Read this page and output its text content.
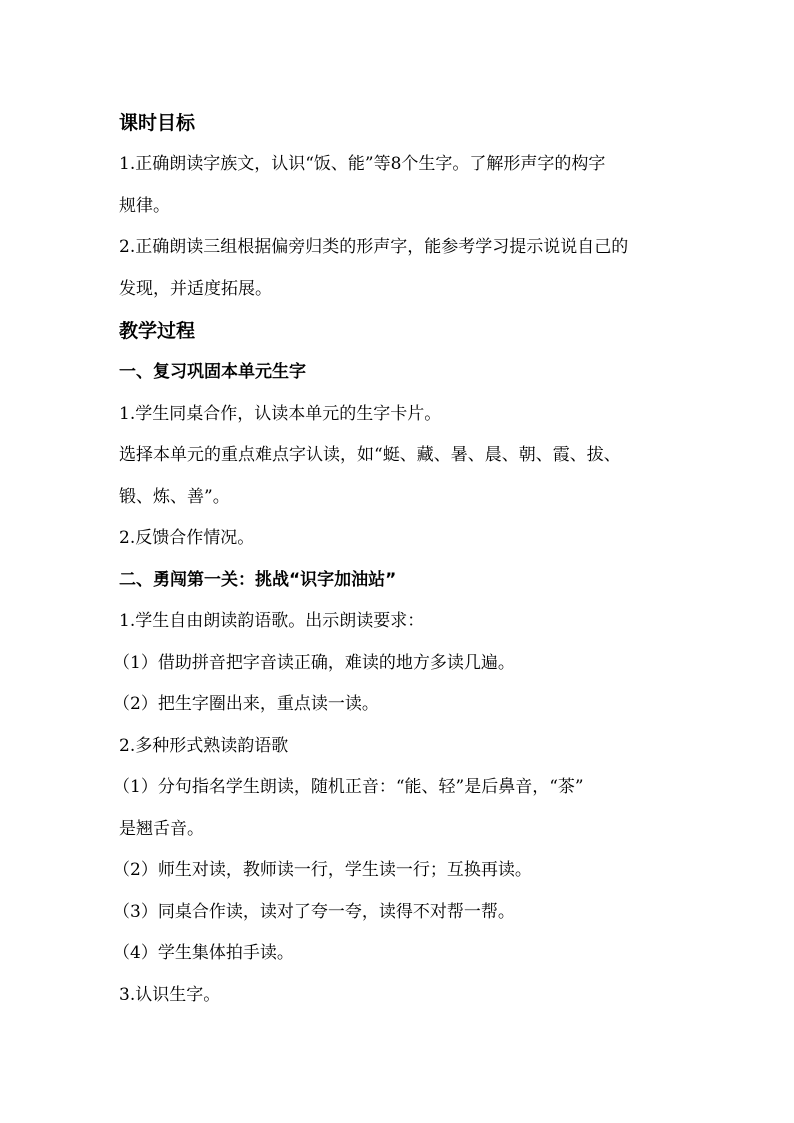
课时目标
1.正确朗读字族文，认识“饭、能”等8个生字。了解形声字的构字
规律。
2.正确朗读三组根据偏旁归类的形声字，能参考学习提示说说自己的
发现，并适度拓展。
教学过程
一、复习巩固本单元生字
1.学生同桌合作，认读本单元的生字卡片。
选择本单元的重点难点字认读，如“蜓、藏、暑、晨、朝、霞、拔、
锻、炼、善”。
2.反馈合作情况。
二、勇闯第一关：挑战“识字加油站”
1.学生自由朗读韵语歌。出示朗读要求：
（1）借助拼音把字音读正确，难读的地方多读几遍。
（2）把生字圈出来，重点读一读。
2.多种形式熟读韵语歌
（1）分句指名学生朗读，随机正音：“能、轻”是后鼻音，“茶”
是翘舌音。
（2）师生对读，教师读一行，学生读一行；互换再读。
（3）同桌合作读，读对了夸一夸，读得不对帮一帮。
（4）学生集体拍手读。
3.认识生字。
